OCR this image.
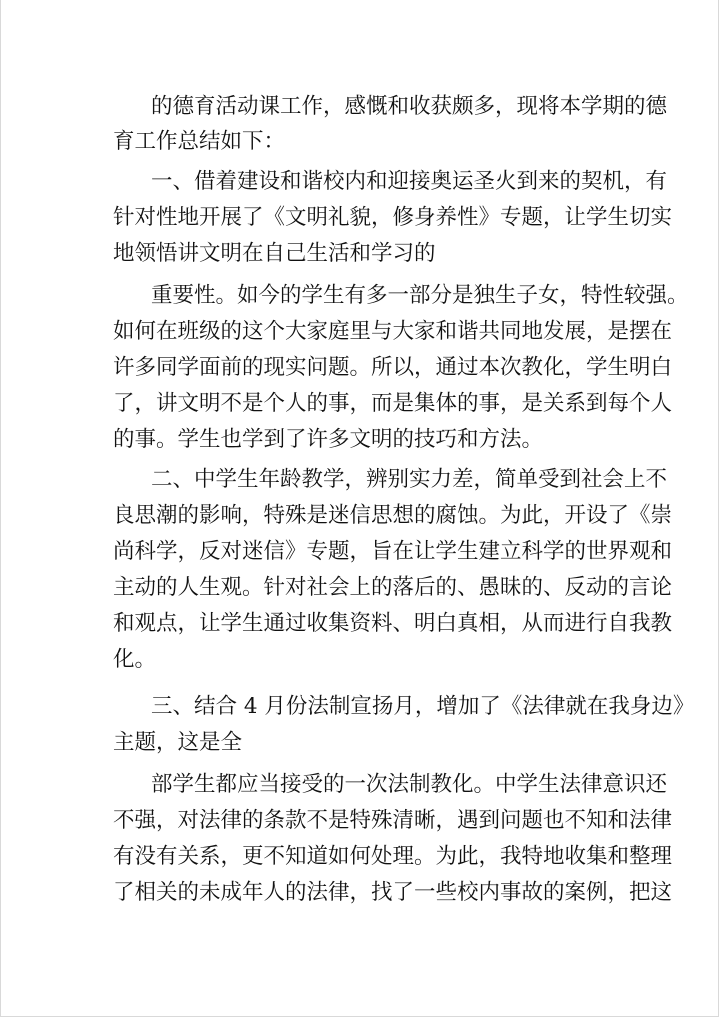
的德育活动课工作，感慨和收获颇多，现将本学期的德

育工作总结如下：

一、借着建设和谐校内和迎接奥运圣火到来的契机，有

针对性地开展了《文明礼貌，修身养性》专题，让学生切实

地领悟讲文明在自己生活和学习的

重要性。如今的学生有多一部分是独生子女，特性较强。

如何在班级的这个大家庭里与大家和谐共同地发展，是摆在

许多同学面前的现实问题。所以，通过本次教化，学生明白

了，讲文明不是个人的事，而是集体的事，是关系到每个人

的事。学生也学到了许多文明的技巧和方法。

二、中学生年龄教学，辨别实力差，简单受到社会上不

良思潮的影响，特殊是迷信思想的腐蚀。为此，开设了《崇

尚科学，反对迷信》专题，旨在让学生建立科学的世界观和

主动的人生观。针对社会上的落后的、愚昧的、反动的言论

和观点，让学生通过收集资料、明白真相，从而进行自我教

化。

三、结合 4 月份法制宣扬月，增加了《法律就在我身边》

主题，这是全

部学生都应当接受的一次法制教化。中学生法律意识还

不强，对法律的条款不是特殊清晰，遇到问题也不知和法律

有没有关系，更不知道如何处理。为此，我特地收集和整理

了相关的未成年人的法律，找了一些校内事故的案例，把这
